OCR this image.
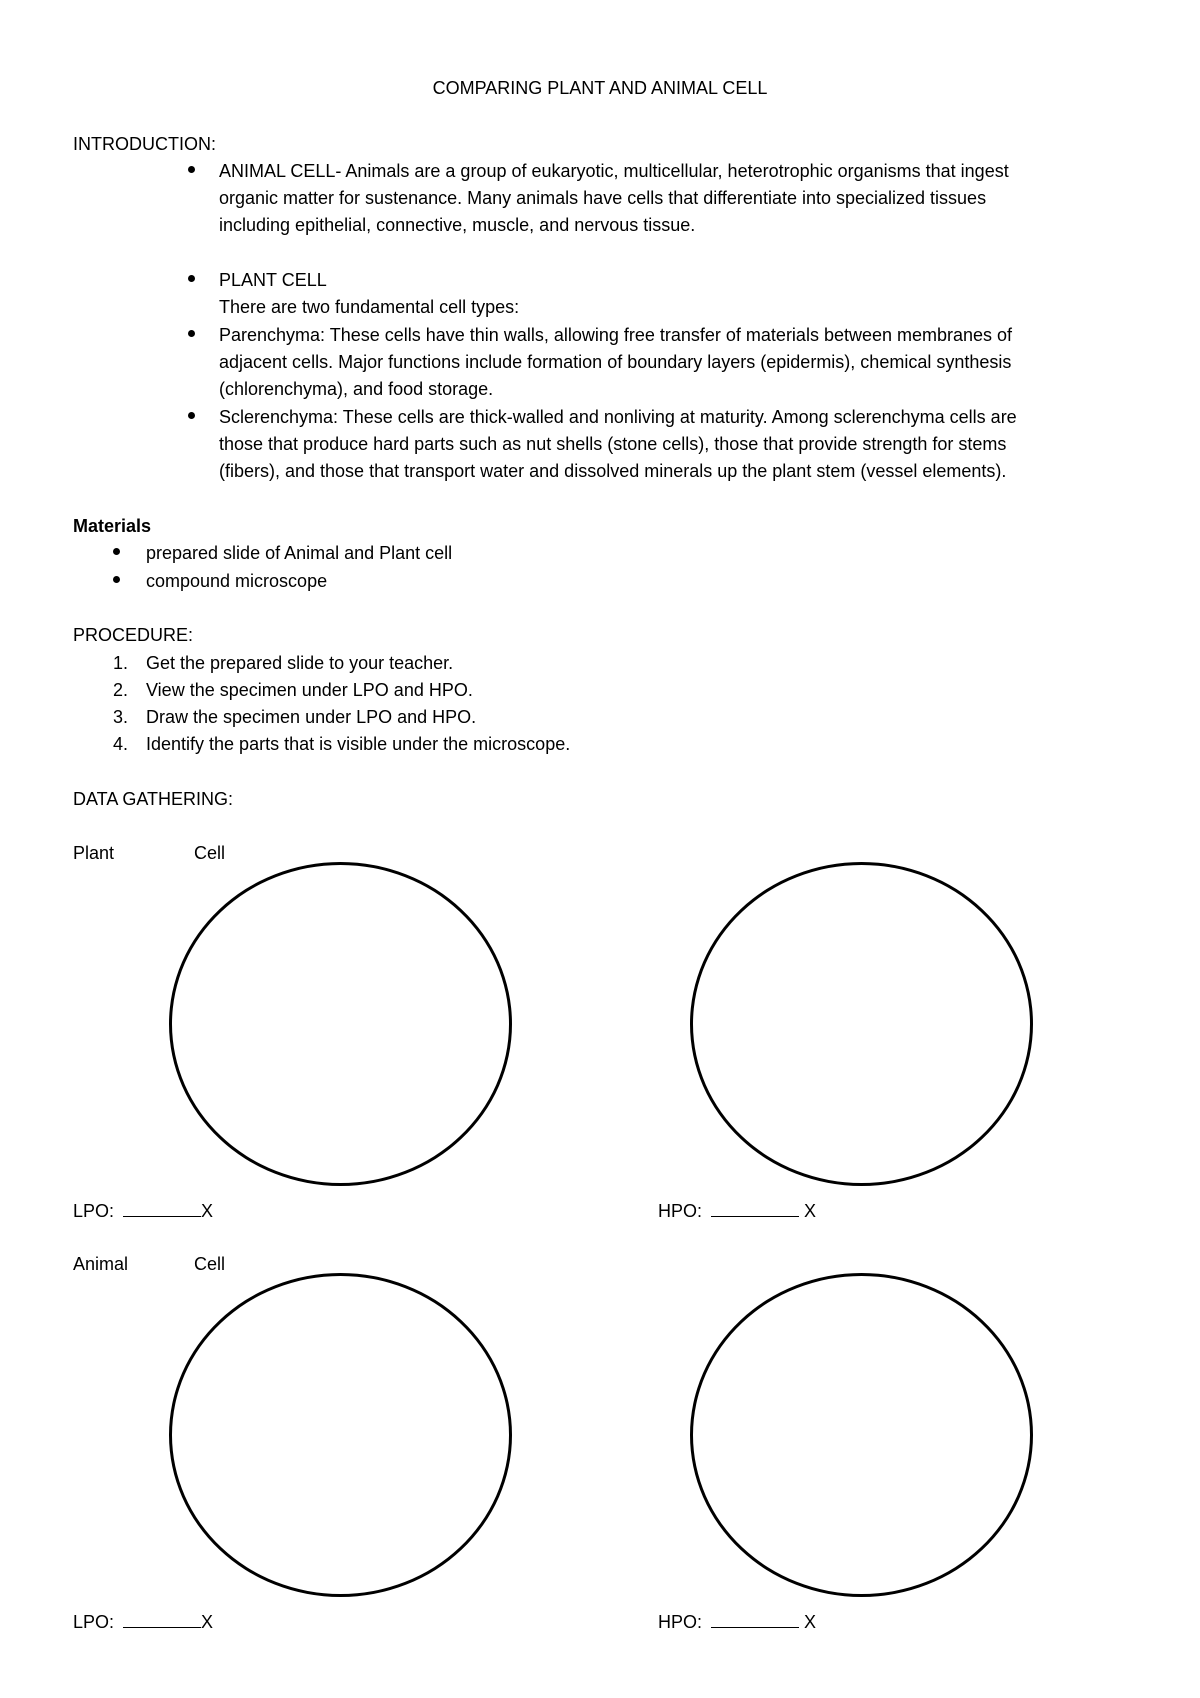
COMPARING PLANT AND ANIMAL CELL
INTRODUCTION:
ANIMAL CELL- Animals are a group of eukaryotic, multicellular, heterotrophic organisms that ingest
organic matter for sustenance. Many animals have cells that differentiate into specialized tissues
including epithelial, connective, muscle, and nervous tissue.
PLANT CELL
There are two fundamental cell types:
Parenchyma: These cells have thin walls, allowing free transfer of materials between membranes of
adjacent cells. Major functions include formation of boundary layers (epidermis), chemical synthesis
(chlorenchyma), and food storage.
Sclerenchyma: These cells are thick-walled and nonliving at maturity. Among sclerenchyma cells are
those that produce hard parts such as nut shells (stone cells), those that provide strength for stems
(fibers), and those that transport water and dissolved minerals up the plant stem (vessel elements).
Materials
prepared slide of Animal and Plant cell
compound microscope
PROCEDURE:
1. Get the prepared slide to your teacher.
2. View the specimen under LPO and HPO.
3. Draw the specimen under LPO and HPO.
4. Identify the parts that is visible under the microscope.
DATA GATHERING:
Plant	Cell
LPO:	X	HPO:	X
Animal	Cell
LPO:	X	HPO:	X
